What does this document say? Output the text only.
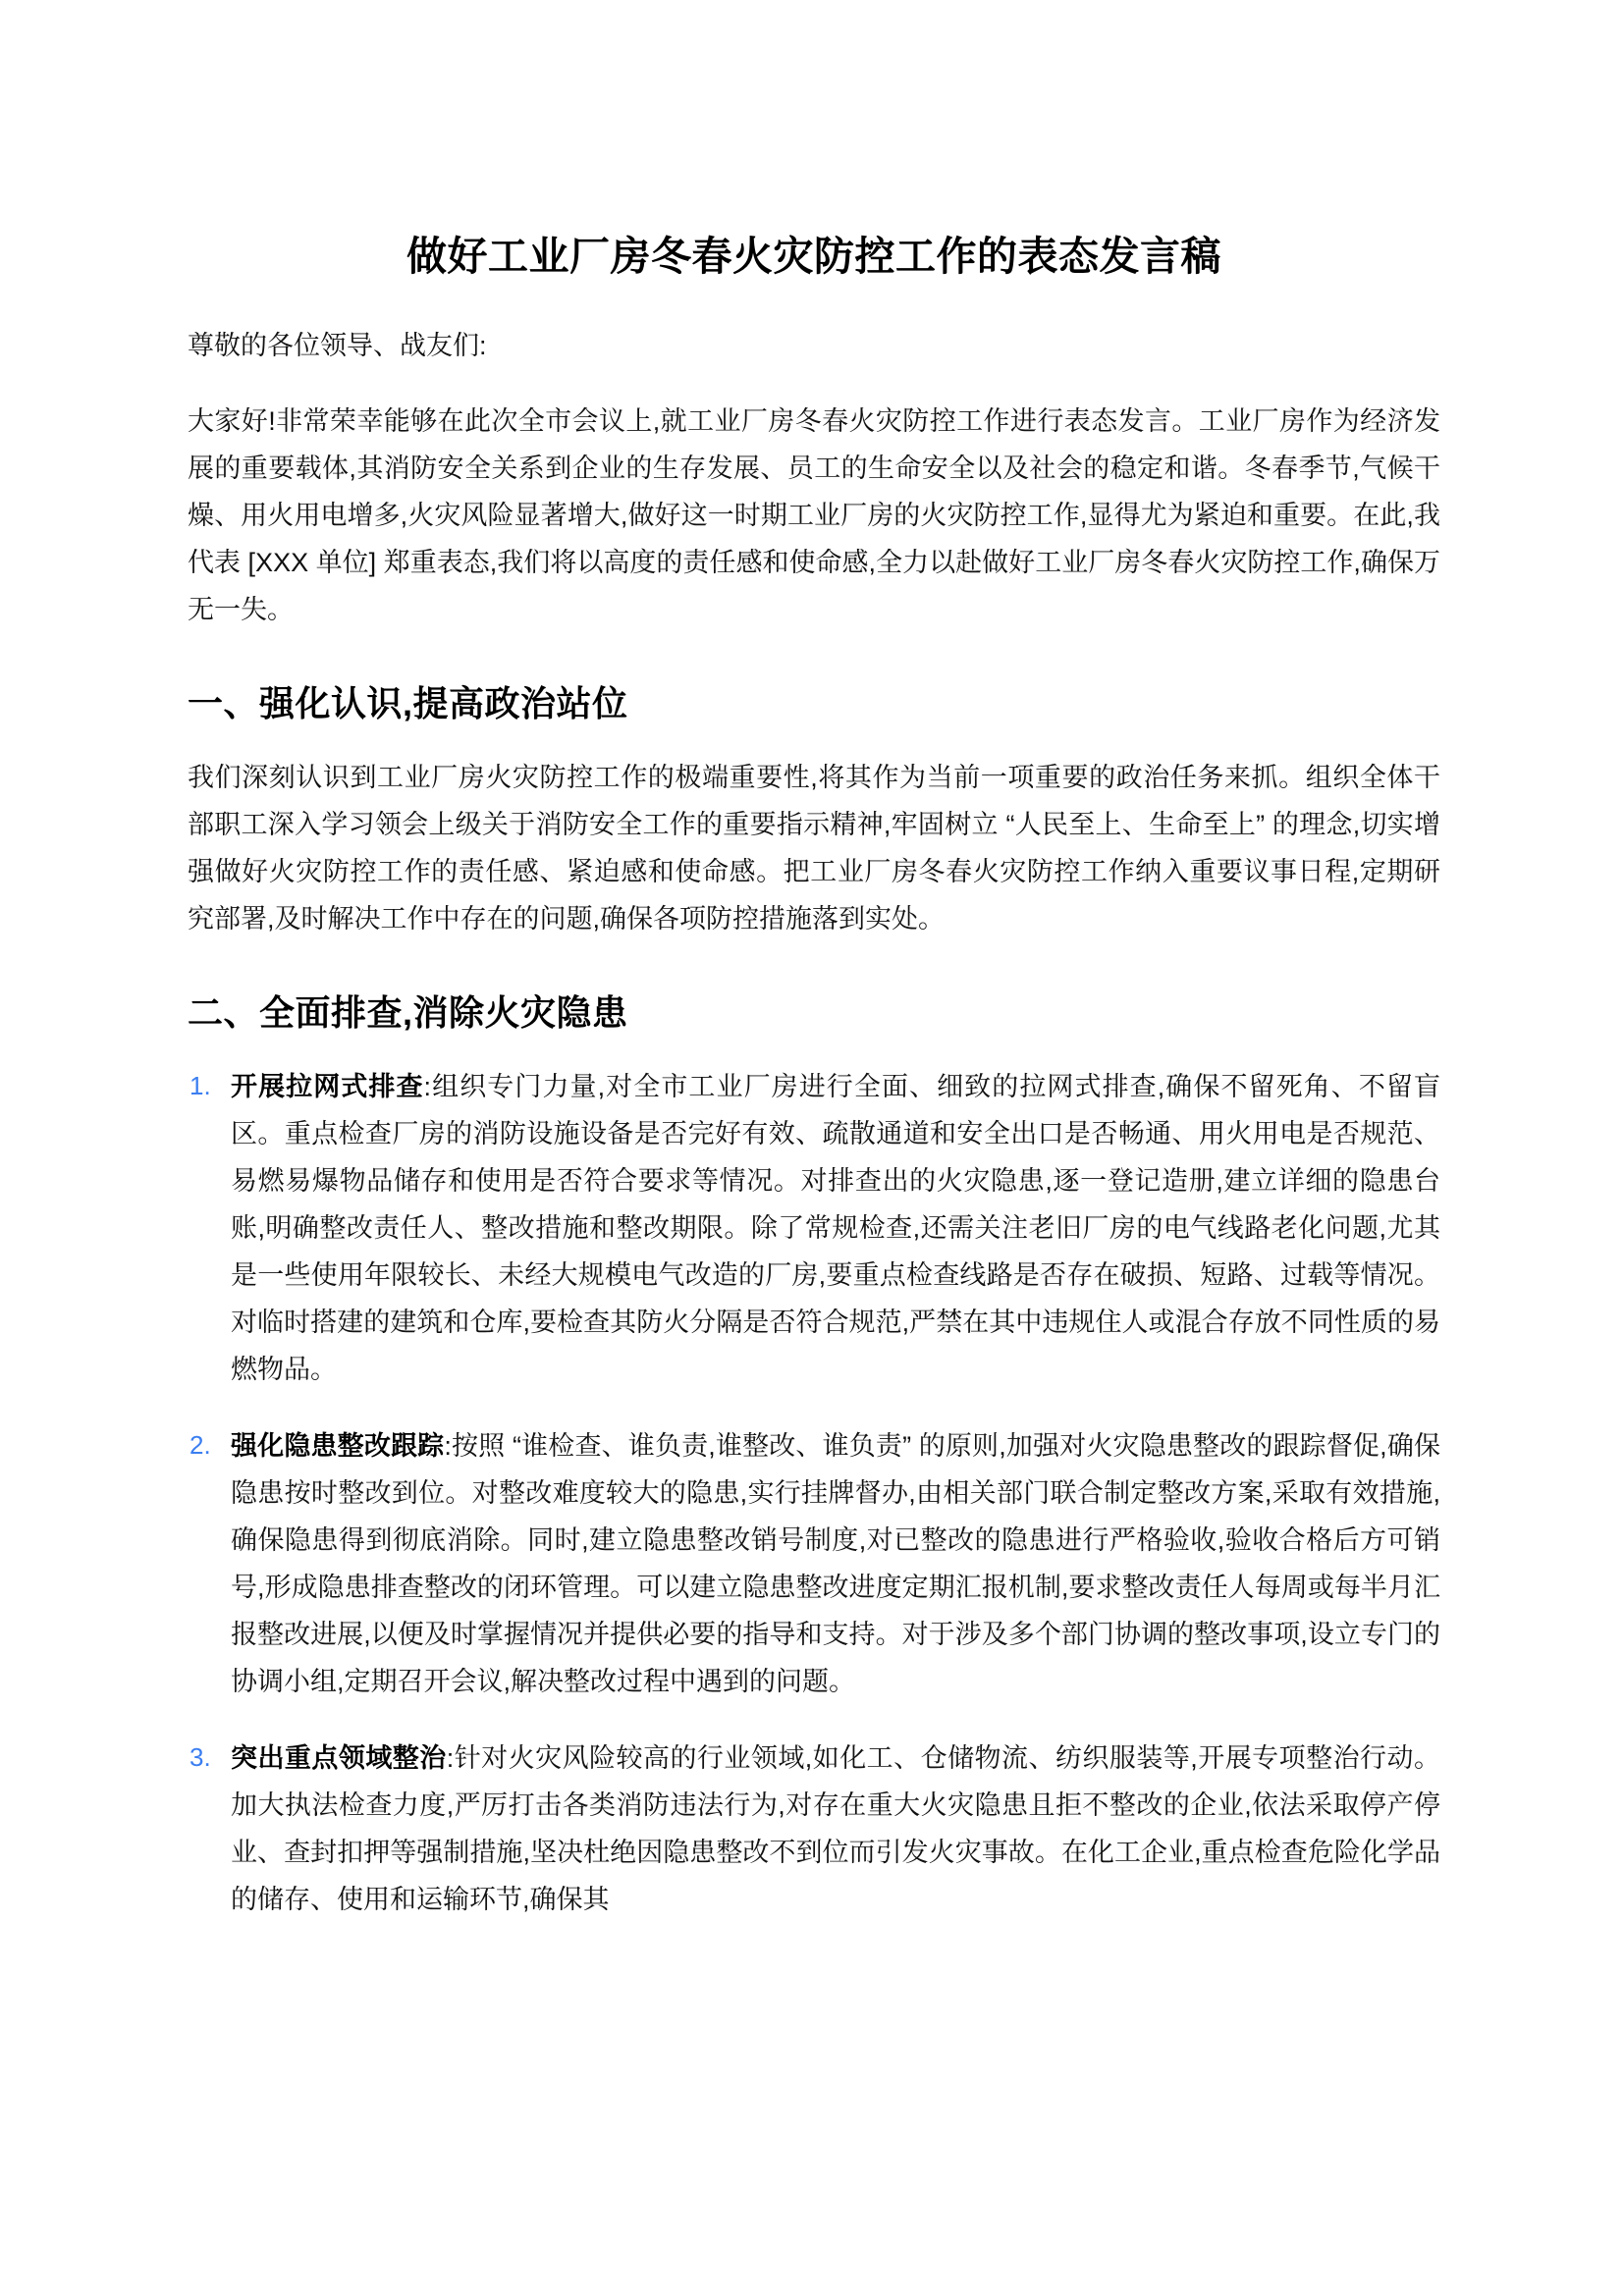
做好工业厂房冬春火灾防控工作的表态发言稿

尊敬的各位领导、战友们:

大家好!非常荣幸能够在此次全市会议上,就工业厂房冬春火灾防控工作进行表态发言。工业厂房作为经济发展的重要载体,其消防安全关系到企业的生存发展、员工的生命安全以及社会的稳定和谐。冬春季节,气候干燥、用火用电增多,火灾风险显著增大,做好这一时期工业厂房的火灾防控工作,显得尤为紧迫和重要。在此,我代表 [XXX 单位] 郑重表态,我们将以高度的责任感和使命感,全力以赴做好工业厂房冬春火灾防控工作,确保万无一失。

一、强化认识,提高政治站位

我们深刻认识到工业厂房火灾防控工作的极端重要性,将其作为当前一项重要的政治任务来抓。组织全体干部职工深入学习领会上级关于消防安全工作的重要指示精神,牢固树立 “人民至上、生命至上” 的理念,切实增强做好火灾防控工作的责任感、紧迫感和使命感。把工业厂房冬春火灾防控工作纳入重要议事日程,定期研究部署,及时解决工作中存在的问题,确保各项防控措施落到实处。

二、全面排查,消除火灾隐患
1. 开展拉网式排查:组织专门力量,对全市工业厂房进行全面、细致的拉网式排查,确保不留死角、不留盲区。重点检查厂房的消防设施设备是否完好有效、疏散通道和安全出口是否畅通、用火用电是否规范、易燃易爆物品储存和使用是否符合要求等情况。对排查出的火灾隐患,逐一登记造册,建立详细的隐患台账,明确整改责任人、整改措施和整改期限。除了常规检查,还需关注老旧厂房的电气线路老化问题,尤其是一些使用年限较长、未经大规模电气改造的厂房,要重点检查线路是否存在破损、短路、过载等情况。对临时搭建的建筑和仓库,要检查其防火分隔是否符合规范,严禁在其中违规住人或混合存放不同性质的易燃物品。
2. 强化隐患整改跟踪:按照 “谁检查、谁负责,谁整改、谁负责” 的原则,加强对火灾隐患整改的跟踪督促,确保隐患按时整改到位。对整改难度较大的隐患,实行挂牌督办,由相关部门联合制定整改方案,采取有效措施,确保隐患得到彻底消除。同时,建立隐患整改销号制度,对已整改的隐患进行严格验收,验收合格后方可销号,形成隐患排查整改的闭环管理。可以建立隐患整改进度定期汇报机制,要求整改责任人每周或每半月汇报整改进展,以便及时掌握情况并提供必要的指导和支持。对于涉及多个部门协调的整改事项,设立专门的协调小组,定期召开会议,解决整改过程中遇到的问题。
3. 突出重点领域整治:针对火灾风险较高的行业领域,如化工、仓储物流、纺织服装等,开展专项整治行动。加大执法检查力度,严厉打击各类消防违法行为,对存在重大火灾隐患且拒不整改的企业,依法采取停产停业、查封扣押等强制措施,坚决杜绝因隐患整改不到位而引发火灾事故。在化工企业,重点检查危险化学品的储存、使用和运输环节,确保其
